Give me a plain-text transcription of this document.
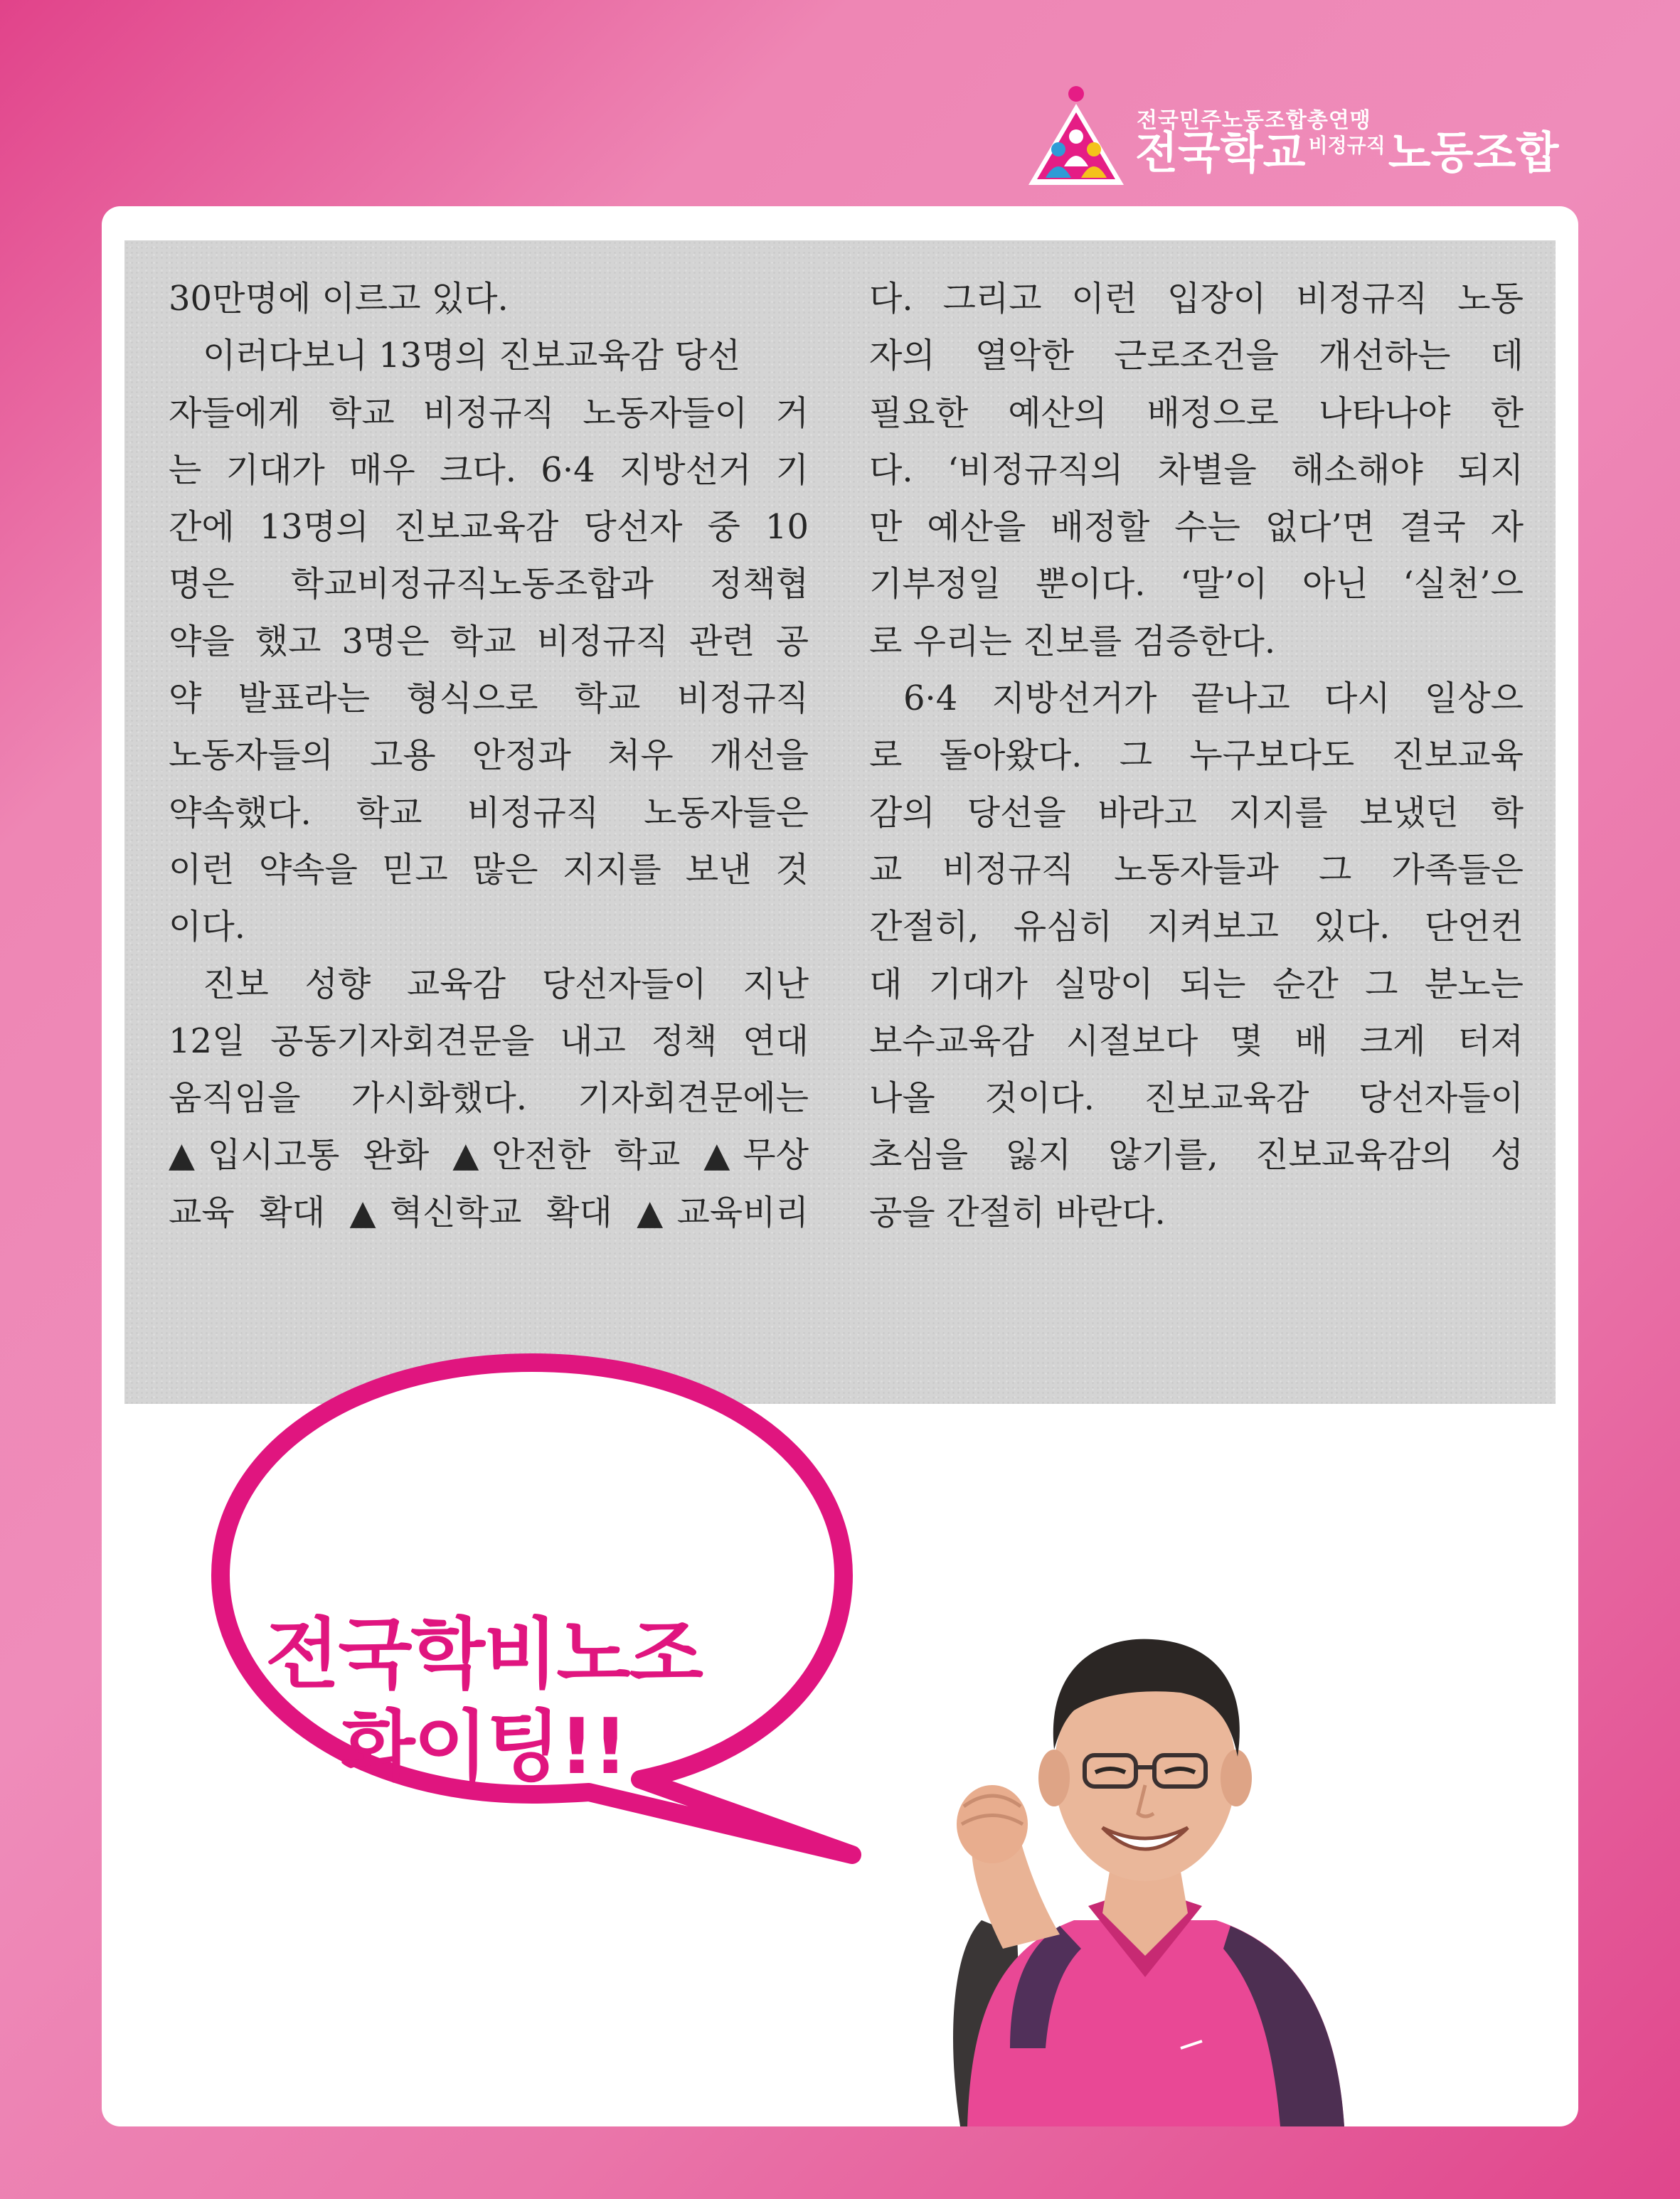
전국민주노동조합총연맹
전국학교 비정규직노동조합
30만명에 이르고 있다.
이러다보니 13명의 진보교육감 당선
자들에게 학교 비정규직 노동자들이 거
는 기대가 매우 크다. 6·4 지방선거 기
간에 13명의 진보교육감 당선자 중 10
명은 학교비정규직노동조합과 정책협
약을 했고 3명은 학교 비정규직 관련 공
약 발표라는 형식으로 학교 비정규직
노동자들의 고용 안정과 처우 개선을
약속했다. 학교 비정규직 노동자들은
이런 약속을 믿고 많은 지지를 보낸 것
이다.
진보 성향 교육감 당선자들이 지난
12일 공동기자회견문을 내고 정책 연대
움직임을 가시화했다. 기자회견문에는
▲입시고통 완화 ▲안전한 학교 ▲무상
교육 확대 ▲혁신학교 확대 ▲교육비리
다. 그리고 이런 입장이 비정규직 노동
자의 열악한 근로조건을 개선하는 데
필요한 예산의 배정으로 나타나야 한
다. ‘비정규직의 차별을 해소해야 되지
만 예산을 배정할 수는 없다’면 결국 자
기부정일 뿐이다. ‘말’이 아닌 ‘실천’으
로 우리는 진보를 검증한다.
6·4 지방선거가 끝나고 다시 일상으
로 돌아왔다. 그 누구보다도 진보교육
감의 당선을 바라고 지지를 보냈던 학
교 비정규직 노동자들과 그 가족들은
간절히, 유심히 지켜보고 있다. 단언컨
대 기대가 실망이 되는 순간 그 분노는
보수교육감 시절보다 몇 배 크게 터져
나올 것이다. 진보교육감 당선자들이
초심을 잃지 않기를, 진보교육감의 성
공을 간절히 바란다.
전국학비노조
화이팅!!
